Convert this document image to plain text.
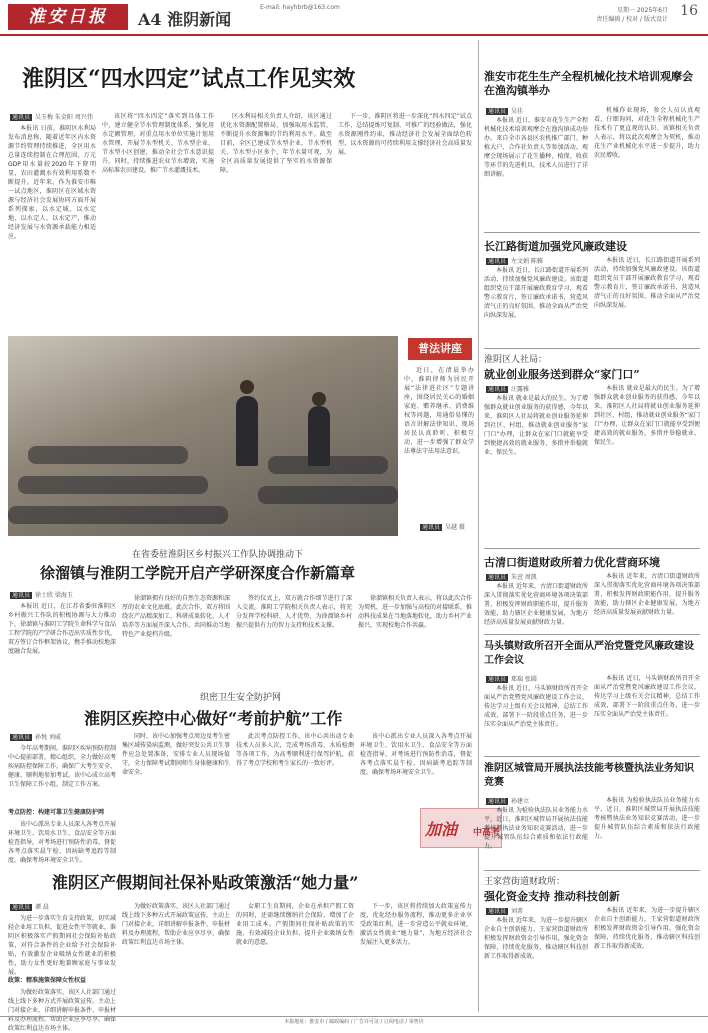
淮安日报	A4 淮阴新闻
E-mail: hayhbrb@163.com	星期一 2025年6月
责任编辑 / 校对 / 版式设计
16
淮阴区“四水四定”试点工作见实效
通讯员 吴玉梅 朱金阳 周兴伟

本报讯 日前，淮阴区水利局发布消息称，随着近年区内水资源节约管理持续推进，全区用水总量连续控制在合理范围，万元GDP用水量较2020年下降明显，农田灌溉水有效利用系数不断提升。近年来，作为淮安市唯一试点地区，淮阴区在区域水资源与经济社会发展协同方面开展系列探索，以水定城、以水定地、以水定人、以水定产，推动经济发展与水资源承载能力相适应。

该区将“四水四定”落实到具体工作中，建立健全节水管理制度体系，强化用水定额管理，对重点用水单位实施计划用水管理，开展节水型机关、节水型企业、节水型小区创建，推动全社会节水意识提升。同时，持续推进农业节水增效，实施高标准农田建设，推广节水灌溉技术。

区水利局相关负责人介绍，该区通过优化水资源配置格局、加强取用水监管，不断提升水资源集约节约利用水平。截至目前，全区已建成节水型企业、节水型机关、节水型小区多个，年节水量可观，为全区高质量发展提供了坚实的水资源保障。

下一步，淮阴区将进一步深化“四水四定”试点工作，总结提炼可复制、可推广的经验做法，强化水资源刚性约束，推动经济社会发展全面绿色转型，以水资源的可持续利用支撑经济社会高质量发展。

普法讲座

近日，在清晨举办中，淮阴律师为居民开展“法律进社区”专题讲座，围绕居民关心的婚姻家庭、赡养继承、消费维权等问题，用通俗易懂的语言讲解法律知识，现场居民认真聆听、积极互动，进一步增强了群众学法尊法守法用法意识。

通讯员 吴越 摄
在省委驻淮阴区乡村振兴工作队协调推动下
徐溜镇与淮阴工学院开启产学研深度合作新篇章
通讯员 徐士欣 梁海玉

本报讯 近日，在江苏省委驻淮阴区乡村振兴工作队的积极协调与大力推动下，徐溜镇与淮阴工学院生命科学与食品工程学院的产学研合作迈出实质性步伐，双方签订合作框架协议，携手推动校地深度融合发展。

徐溜镇拥有良好的自然生态资源和深厚的农业文化底蕴。此次合作，双方将围绕农产品精深加工、科研成果转化、人才培养等方面展开深入合作，共同推动当地特色产业提档升级。

签约仪式上，双方就合作细节进行了深入交流。淮阴工学院相关负责人表示，将充分发挥学校科研、人才优势，为徐溜镇乡村振兴提供有力的智力支持和技术支撑。

徐溜镇相关负责人表示，将以此次合作为契机，进一步加强与高校的对接联系，推动科技成果在当地落地转化，助力乡村产业振兴，实现校地合作共赢。

织密卫生安全防护网
淮阴区疾控中心做好“考前护航”工作
通讯员 孙悦 刘威

今年高考期间，淮阴区疾病预防控制中心提前部署，精心组织，全力做好高考疾病防控保障工作，确保广大考生安全、健康、顺利地参加考试。该中心成立高考卫生保障工作小组，制定工作方案。

考点防控：构建可靠卫生健康防护网

该中心派出专业人员深入各考点开展环境卫生、饮用水卫生、食品安全等方面检查指导，对考场进行预防性消毒，督促各考点落实晨午检、因病缺考追踪等制度，确保考场环境安全卫生。

同时，该中心加强考点周边及考生密集区域传染病监测，做好突发公共卫生事件应急处置准备，安排专业人员现场值守，全力保障考试期间师生身体健康和生命安全。

此次考点防控工作，该中心共出动专业技术人员多人次，完成考场消毒、水质检测等各项工作，为高考顺利进行保驾护航，获得了考点学校和考生家长的一致好评。

该中心派出专业人员深入各考点开展环境卫生、饮用水卫生、食品安全等方面检查指导，对考场进行预防性消毒，督促各考点落实晨午检、因病缺考追踪等制度，确保考场环境安全卫生。

加油 中高考
淮阴区产假期间社保补贴政策激活“她力量”
通讯员 谭 晨

为进一步落实生育支持政策，切实减轻企业用工负担，促进女性平等就业，淮阴区积极落实产假期间社会保险补贴政策，对符合条件的企业给予社会保险补贴，有效激发企业吸纳女性就业的积极性，助力女性更好地兼顾家庭与事业发展。

政策：精准施策保障女性权益

为做好政策落实，该区人社部门通过线上线下多种方式开展政策宣传，主动上门对接企业，详细讲解申报条件、申报材料及办理流程，帮助企业应享尽享，确保政策红利直达市场主体。

为做好政策落实，该区人社部门通过线上线下多种方式开展政策宣传，主动上门对接企业，详细讲解申报条件、申报材料及办理流程，帮助企业应享尽享，确保政策红利直达市场主体。

女职工生育期间，企业在承担产假工资的同时，还需继续缴纳社会保险，增加了企业用工成本。产假期间社保补贴政策的实施，有效减轻企业负担，提升企业吸纳女性就业的意愿。

下一步，该区将持续加大政策宣传力度，优化经办服务流程，推动更多企业享受政策红利，进一步营造公平就业环境，激活女性就业“她力量”，为地方经济社会发展注入更多活力。

淮安市花生生产全程机械化技术培训观摩会在渔沟镇举办
通讯员 吴佳

本报讯 近日，淮安市花生生产全程机械化技术培训观摩会在渔沟镇成功举办。来自全市各县区农机推广部门、种植大户、合作社负责人等参加活动。观摩会现场展示了花生播种、植保、收获等环节的先进机具，技术人员进行了详细讲解。

机械作业现场，参会人员认真观看、仔细询问，对花生全程机械化生产技术有了更直观的认识。该镇相关负责人表示，将以此次观摩会为契机，推动花生产业机械化水平进一步提升，助力农民增收。

长江路街道加强党风廉政建设
通讯员 左文娟 陈雅

本报讯 近日，长江路街道开展系列活动，持续加强党风廉政建设。该街道组织党员干部开展廉政教育学习，观看警示教育片，签订廉政承诺书，营造风清气正的良好氛围，推动全面从严治党向纵深发展。

本报讯 近日，长江路街道开展系列活动，持续加强党风廉政建设。该街道组织党员干部开展廉政教育学习，观看警示教育片，签订廉政承诺书，营造风清气正的良好氛围，推动全面从严治党向纵深发展。

淮阴区人社局：
就业创业服务送到群众“家门口”
通讯员 汪露雅

本报讯 就业是最大的民生。为了增强群众就业创业服务的获得感，今年以来，淮阴区人社局将就业创业服务延伸到社区、村组，推动就业创业服务“家门口”办理，让群众在家门口就能享受到便捷高效的就业服务，多措并举稳就业、保民生。

本报讯 就业是最大的民生。为了增强群众就业创业服务的获得感，今年以来，淮阴区人社局将就业创业服务延伸到社区、村组，推动就业创业服务“家门口”办理，让群众在家门口就能享受到便捷高效的就业服务，多措并举稳就业、保民生。

古清口街道财政所着力优化营商环境
通讯员 朱萱 周凯

本报讯 近年来，古清口街道财政所深入贯彻落实优化营商环境各项决策部署，积极发挥财政职能作用，提升服务效能，助力辖区企业健康发展，为地方经济高质量发展贡献财政力量。

本报讯 近年来，古清口街道财政所深入贯彻落实优化营商环境各项决策部署，积极发挥财政职能作用，提升服务效能，助力辖区企业健康发展，为地方经济高质量发展贡献财政力量。

马头镇财政所召开全面从严治党暨党风廉政建设工作会议
通讯员 郑瑞 张圆

本报讯 近日，马头镇财政所召开全面从严治党暨党风廉政建设工作会议，传达学习上级有关会议精神，总结工作成效，部署下一阶段重点任务，进一步压实全面从严治党主体责任。

本报讯 近日，马头镇财政所召开全面从严治党暨党风廉政建设工作会议，传达学习上级有关会议精神，总结工作成效，部署下一阶段重点任务，进一步压实全面从严治党主体责任。

淮阴区城管局开展执法技能考核暨执法业务知识竞赛
通讯员 孙建立

本报讯 为检验执法队员业务能力水平，近日，淮阴区城管局开展执法技能考核暨执法业务知识竞赛活动，进一步提升城管队伍综合素质和依法行政能力。

本报讯 为检验执法队员业务能力水平，近日，淮阴区城管局开展执法技能考核暨执法业务知识竞赛活动，进一步提升城管队伍综合素质和依法行政能力。

王家营街道财政所：
强化资金支持 推动科技创新
通讯员 刘菁

本报讯 近年来，为进一步提升辖区企业自主创新能力，王家营街道财政所积极发挥财政资金引导作用，强化资金保障，持续优化服务，推动辖区科技创新工作取得新成效。

本报讯 近年来，为进一步提升辖区企业自主创新能力，王家营街道财政所积极发挥财政资金引导作用，强化资金保障，持续优化服务，推动辖区科技创新工作取得新成效。

本报地址：淮安市 / 邮政编码 / 广告许可证 / 订阅电话 / 零售价
